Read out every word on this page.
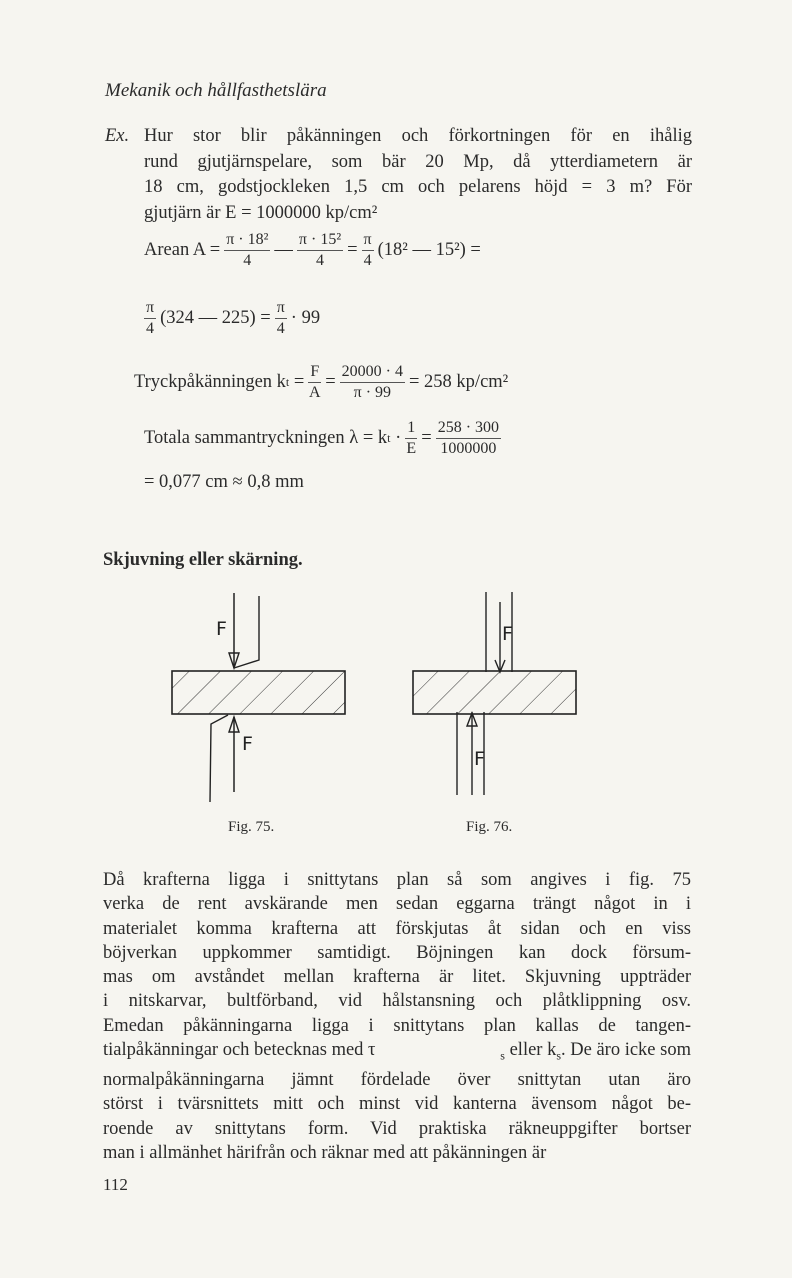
Mekanik och hållfasthetslära
Ex. Hur stor blir påkänningen och förkortningen för en ihålig
rund gjutjärnspelare, som bär 20 Mp, då ytterdiametern är
18 cm, godstjockleken 1,5 cm och pelarens höjd = 3 m? För
gjutjärn är E = 1000000 kp/cm²
Arean $A = \frac{\text{π · 18²}}{4}$ — $\frac{\text{π · 15²}}{4} = \frac{\pi}{4} (18^2$ — 15²) =
$\frac{\pi}{4} (324$ — $225) = \frac{\pi}{4} \cdot 99$
Tryckpåkänningen
k t
= $\frac{F}{A} = \frac{20000 \cdot 4}{\pi \cdot 99} = 258$ kp/cm²
Totala sammantryckningen λ = k t
· $\frac{1}{E} = \frac{258 \cdot 300}{1000000}$
= 0,077 cm ≈ 0,8 mm
Skjuvning eller skärning.
F
F
F
F
Fig. 75.	Fig. 76.
Då krafterna ligga i snittytans plan så som angives i fig. 75
verka de rent avskärande men sedan eggarna trängt något in i
materialet komma krafterna att förskjutas åt sidan och en viss
böjverkan uppkommer samtidigt. Böjningen kan dock försum-
mas om avståndet mellan krafterna är litet. Skjuvning uppträder
i nitskarvar, bultförband, vid hålstansning och plåtklippning osv.
Emedan påkänningarna ligga i snittytans plan kallas de tangen-
tialpåkänningar och betecknas med τ	$_s$ eller $k_s$. De äro icke som
normalpåkänningarna jämnt fördelade över snittytan utan äro
störst i tvärsnittets mitt och minst vid kanterna ävensom något be-
roende av snittytans form. Vid praktiska räkneuppgifter bortser
man i allmänhet härifrån och räknar med att påkänningen är
112
